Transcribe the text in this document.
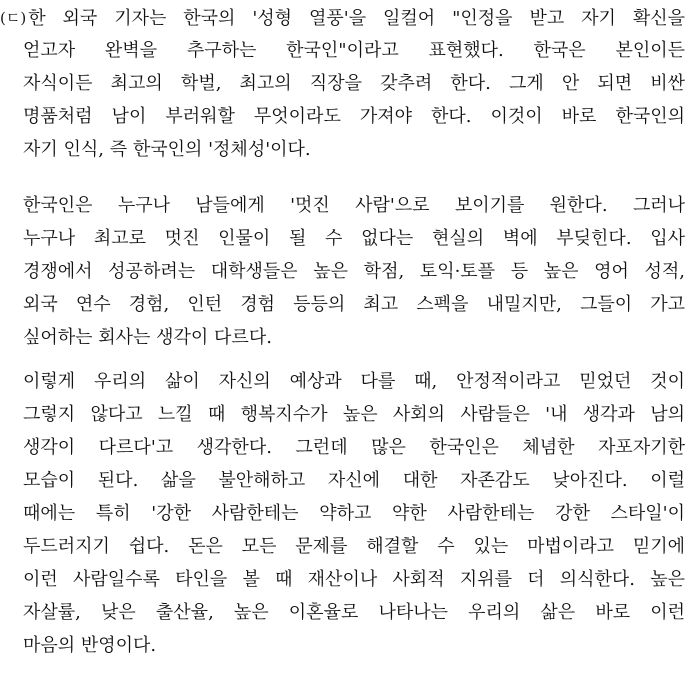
(ㄷ) 한 외국 기자는 한국의 '성형 열풍'을 일컬어 "인정을 받고 자기 확신을
얻고자 완벽을 추구하는 한국인"이라고 표현했다. 한국은 본인이든
자식이든 최고의 학벌, 최고의 직장을 갖추려 한다. 그게 안 되면 비싼
명품처럼 남이 부러워할 무엇이라도 가져야 한다. 이것이 바로 한국인의
자기 인식, 즉 한국인의 '정체성'이다.
한국인은 누구나 남들에게 '멋진 사람'으로 보이기를 원한다. 그러나
누구나 최고로 멋진 인물이 될 수 없다는 현실의 벽에 부딪힌다. 입사
경쟁에서 성공하려는 대학생들은 높은 학점, 토익·토플 등 높은 영어 성적,
외국 연수 경험, 인턴 경험 등등의 최고 스펙을 내밀지만, 그들이 가고
싶어하는 회사는 생각이 다르다.
이렇게 우리의 삶이 자신의 예상과 다를 때, 안정적이라고 믿었던 것이
그렇지 않다고 느낄 때 행복지수가 높은 사회의 사람들은 '내 생각과 남의
생각이 다르다'고 생각한다. 그런데 많은 한국인은 체념한 자포자기한
모습이 된다. 삶을 불안해하고 자신에 대한 자존감도 낮아진다. 이럴
때에는 특히 '강한 사람한테는 약하고 약한 사람한테는 강한 스타일'이
두드러지기 쉽다. 돈은 모든 문제를 해결할 수 있는 마법이라고 믿기에
이런 사람일수록 타인을 볼 때 재산이나 사회적 지위를 더 의식한다. 높은
자살률, 낮은 출산율, 높은 이혼율로 나타나는 우리의 삶은 바로 이런
마음의 반영이다.
